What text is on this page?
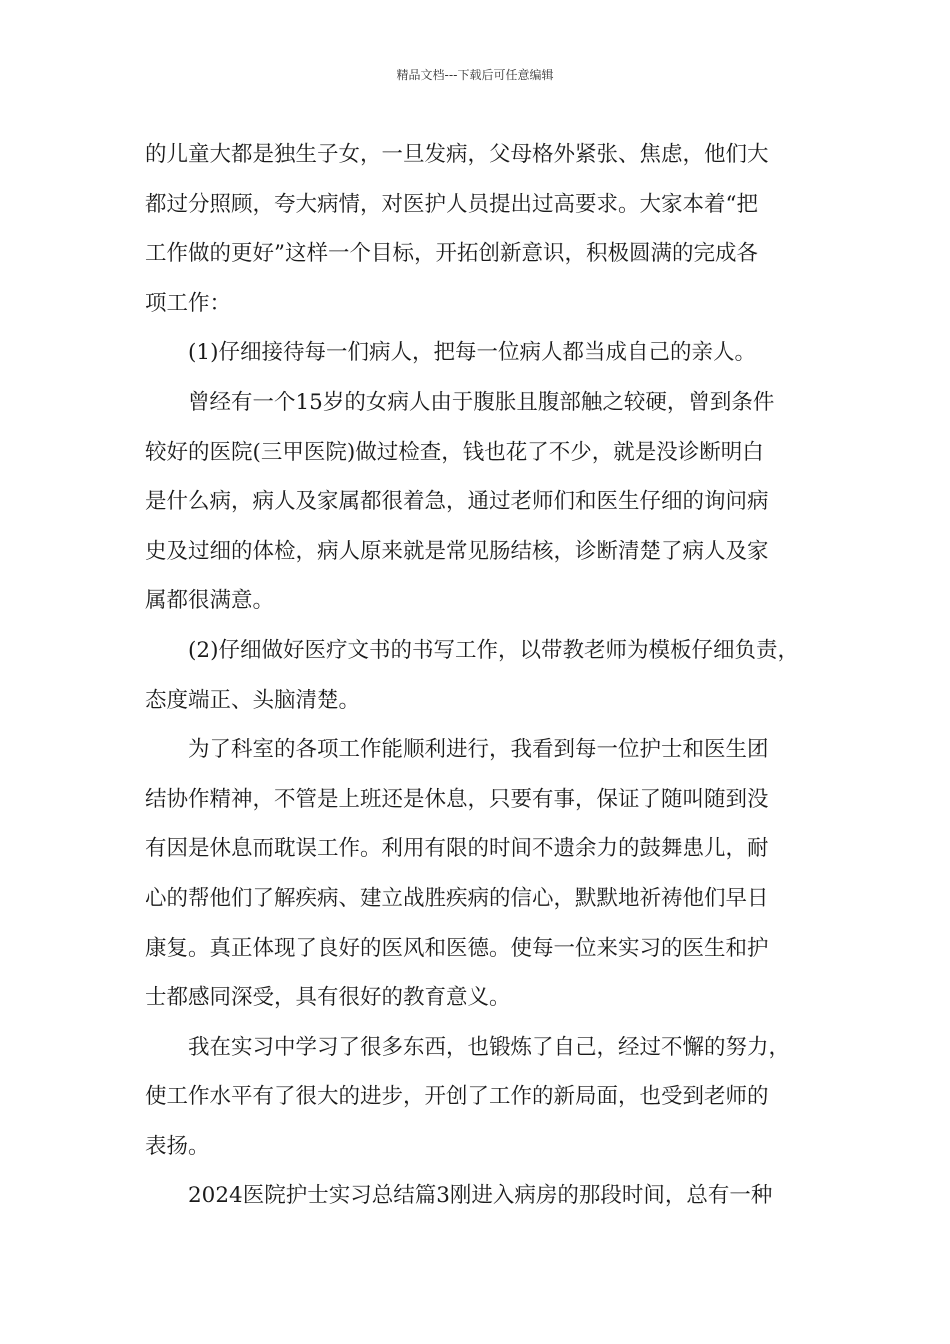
精品文档---下载后可任意编辑
的儿童大都是独生子女，一旦发病，父母格外紧张、焦虑，他们大
都过分照顾，夸大病情，对医护人员提出过高要求。大家本着“把
工作做的更好”这样一个目标，开拓创新意识，积极圆满的完成各
项工作：
　　(1)仔细接待每一们病人，把每一位病人都当成自己的亲人。
　　曾经有一个15岁的女病人由于腹胀且腹部触之较硬，曾到条件
较好的医院(三甲医院)做过检查，钱也花了不少，就是没诊断明白
是什么病，病人及家属都很着急，通过老师们和医生仔细的询问病
史及过细的体检，病人原来就是常见肠结核，诊断清楚了病人及家
属都很满意。
　　(2)仔细做好医疗文书的书写工作，以带教老师为模板仔细负责，
态度端正、头脑清楚。
　　为了科室的各项工作能顺利进行，我看到每一位护士和医生团
结协作精神，不管是上班还是休息，只要有事，保证了随叫随到没
有因是休息而耽误工作。利用有限的时间不遗余力的鼓舞患儿，耐
心的帮他们了解疾病、建立战胜疾病的信心，默默地祈祷他们早日
康复。真正体现了良好的医风和医德。使每一位来实习的医生和护
士都感同深受，具有很好的教育意义。
　　我在实习中学习了很多东西，也锻炼了自己，经过不懈的努力，
使工作水平有了很大的进步，开创了工作的新局面，也受到老师的
表扬。
　　2024医院护士实习总结篇3刚进入病房的那段时间，总有一种
